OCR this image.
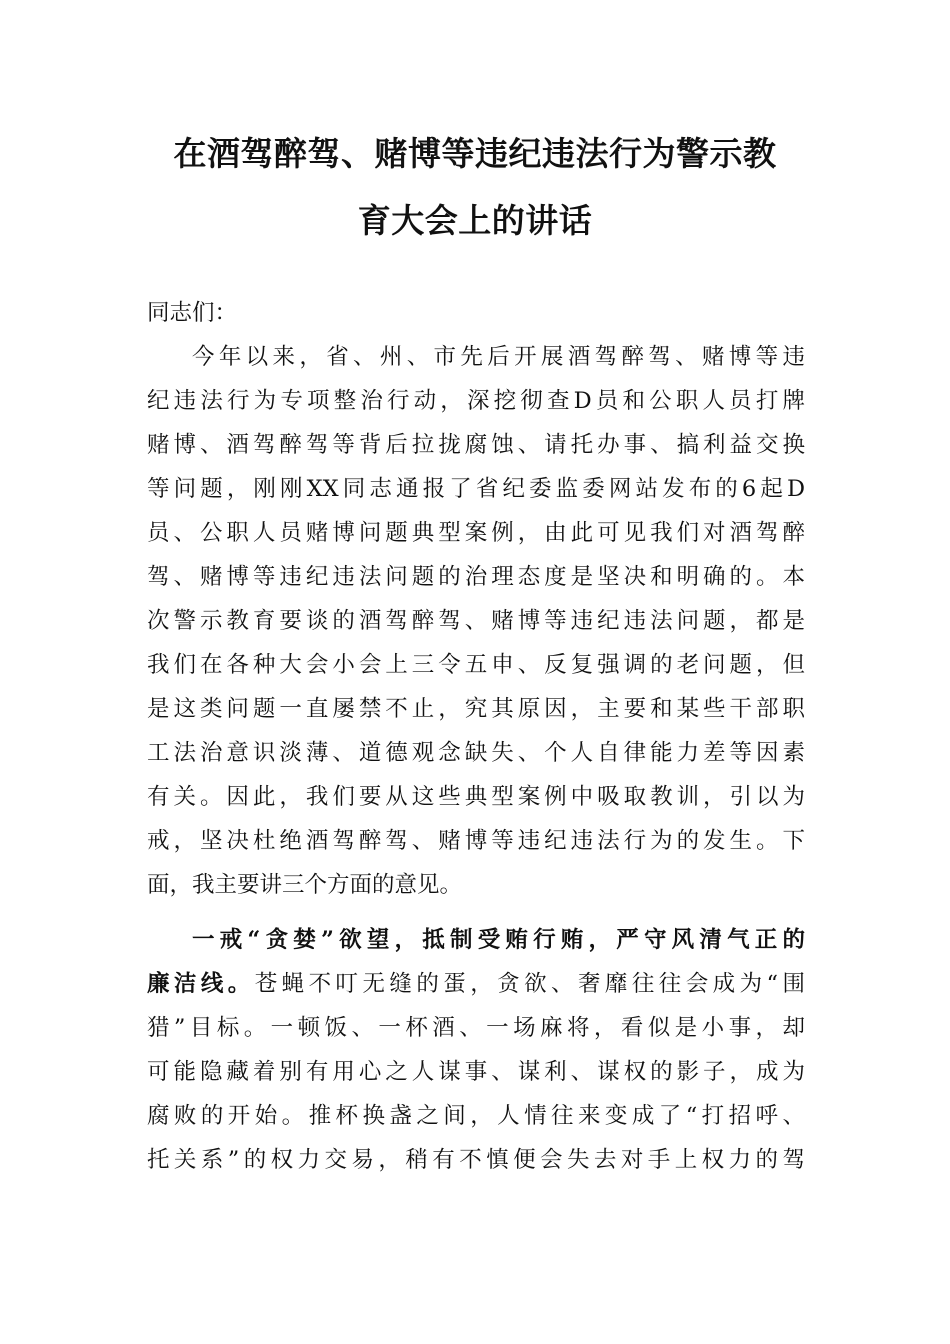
在酒驾醉驾、赌博等违纪违法行为警示教
育大会上的讲话
同志们：
今年以来，省、州、市先后开展酒驾醉驾、赌博等违
纪违法行为专项整治行动，深挖彻查D员和公职人员打牌
赌博、酒驾醉驾等背后拉拢腐蚀、请托办事、搞利益交换
等问题，刚刚XX同志通报了省纪委监委网站发布的6起D
员、公职人员赌博问题典型案例，由此可见我们对酒驾醉
驾、赌博等违纪违法问题的治理态度是坚决和明确的。本
次警示教育要谈的酒驾醉驾、赌博等违纪违法问题，都是
我们在各种大会小会上三令五申、反复强调的老问题，但
是这类问题一直屡禁不止，究其原因，主要和某些干部职
工法治意识淡薄、道德观念缺失、个人自律能力差等因素
有关。因此，我们要从这些典型案例中吸取教训，引以为
戒，坚决杜绝酒驾醉驾、赌博等违纪违法行为的发生。下
面，我主要讲三个方面的意见。
一戒“贪婪”欲望，抵制受贿行贿，严守风清气正的
廉洁线。苍蝇不叮无缝的蛋，贪欲、奢靡往往会成为“围
猎”目标。一顿饭、一杯酒、一场麻将，看似是小事，却
可能隐藏着别有用心之人谋事、谋利、谋权的影子，成为
腐败的开始。推杯换盏之间，人情往来变成了“打招呼、
托关系”的权力交易，稍有不慎便会失去对手上权力的驾
